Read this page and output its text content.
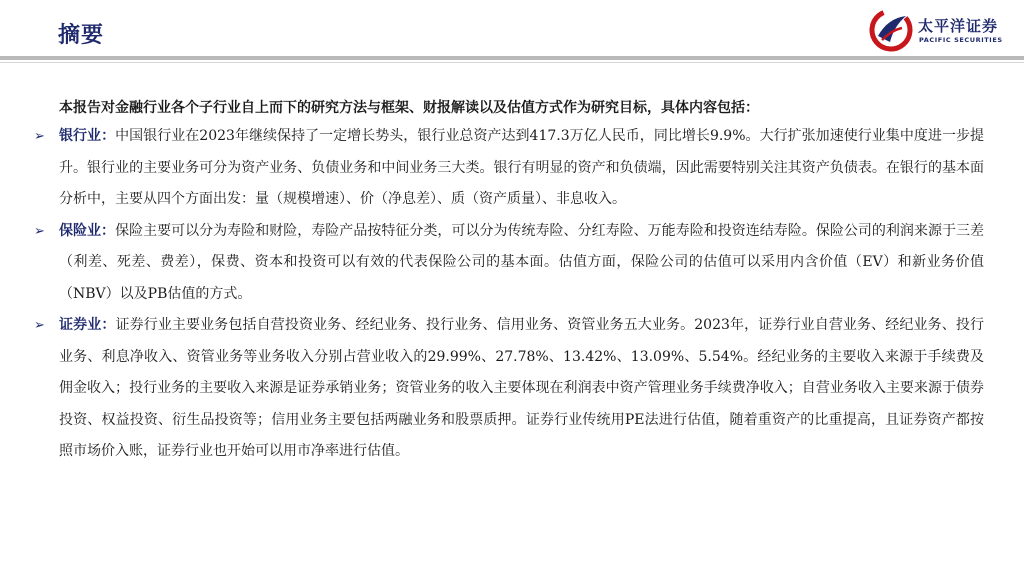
摘要	太平洋证券
PACIFIC SECURITIES
本报告对金融行业各个子行业自上而下的研究方法与框架、财报解读以及估值方式作为研究目标，具体内容包括：
➢ 银行业：中国银行业在2023年继续保持了一定增长势头，银行业总资产达到417.3万亿人民币，同比增长9.9%。大行扩张加速使行业集中度进一步提升。银行业的主要业务可分为资产业务、负债业务和中间业务三大类。银行有明显的资产和负债端，因此需要特别关注其资产负债表。在银行的基本面分析中，主要从四个方面出发：量（规模增速）、价（净息差）、质（资产质量）、非息收入。
➢ 保险业：保险主要可以分为寿险和财险，寿险产品按特征分类，可以分为传统寿险、分红寿险、万能寿险和投资连结寿险。保险公司的利润来源于三差（利差、死差、费差），保费、资本和投资可以有效的代表保险公司的基本面。估值方面，保险公司的估值可以采用内含价值（EV）和新业务价值（NBV）以及PB估值的方式。
➢ 证券业：证券行业主要业务包括自营投资业务、经纪业务、投行业务、信用业务、资管业务五大业务。2023年，证券行业自营业务、经纪业务、投行业务、利息净收入、资管业务等业务收入分别占营业收入的29.99%、27.78%、13.42%、13.09%、5.54%。经纪业务的主要收入来源于手续费及佣金收入；投行业务的主要收入来源是证券承销业务；资管业务的收入主要体现在利润表中资产管理业务手续费净收入；自营业务收入主要来源于债券投资、权益投资、衍生品投资等；信用业务主要包括两融业务和股票质押。证券行业传统用PE法进行估值，随着重资产的比重提高，且证券资产都按照市场价入账，证券行业也开始可以用市净率进行估值。
